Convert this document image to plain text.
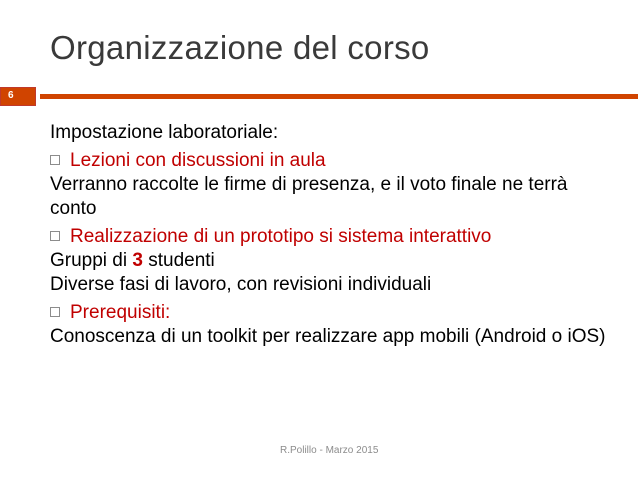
Organizzazione del corso
6

Impostazione laboratoriale:

Lezioni con discussioni in aula

Verranno raccolte le firme di presenza, e il voto finale ne terrà conto

Realizzazione di un prototipo si sistema interattivo

Gruppi di 3 studenti

Diverse fasi di lavoro, con revisioni individuali

Prerequisiti:

Conoscenza di un toolkit per realizzare app mobili (Android o iOS)

R.Polillo - Marzo 2015
